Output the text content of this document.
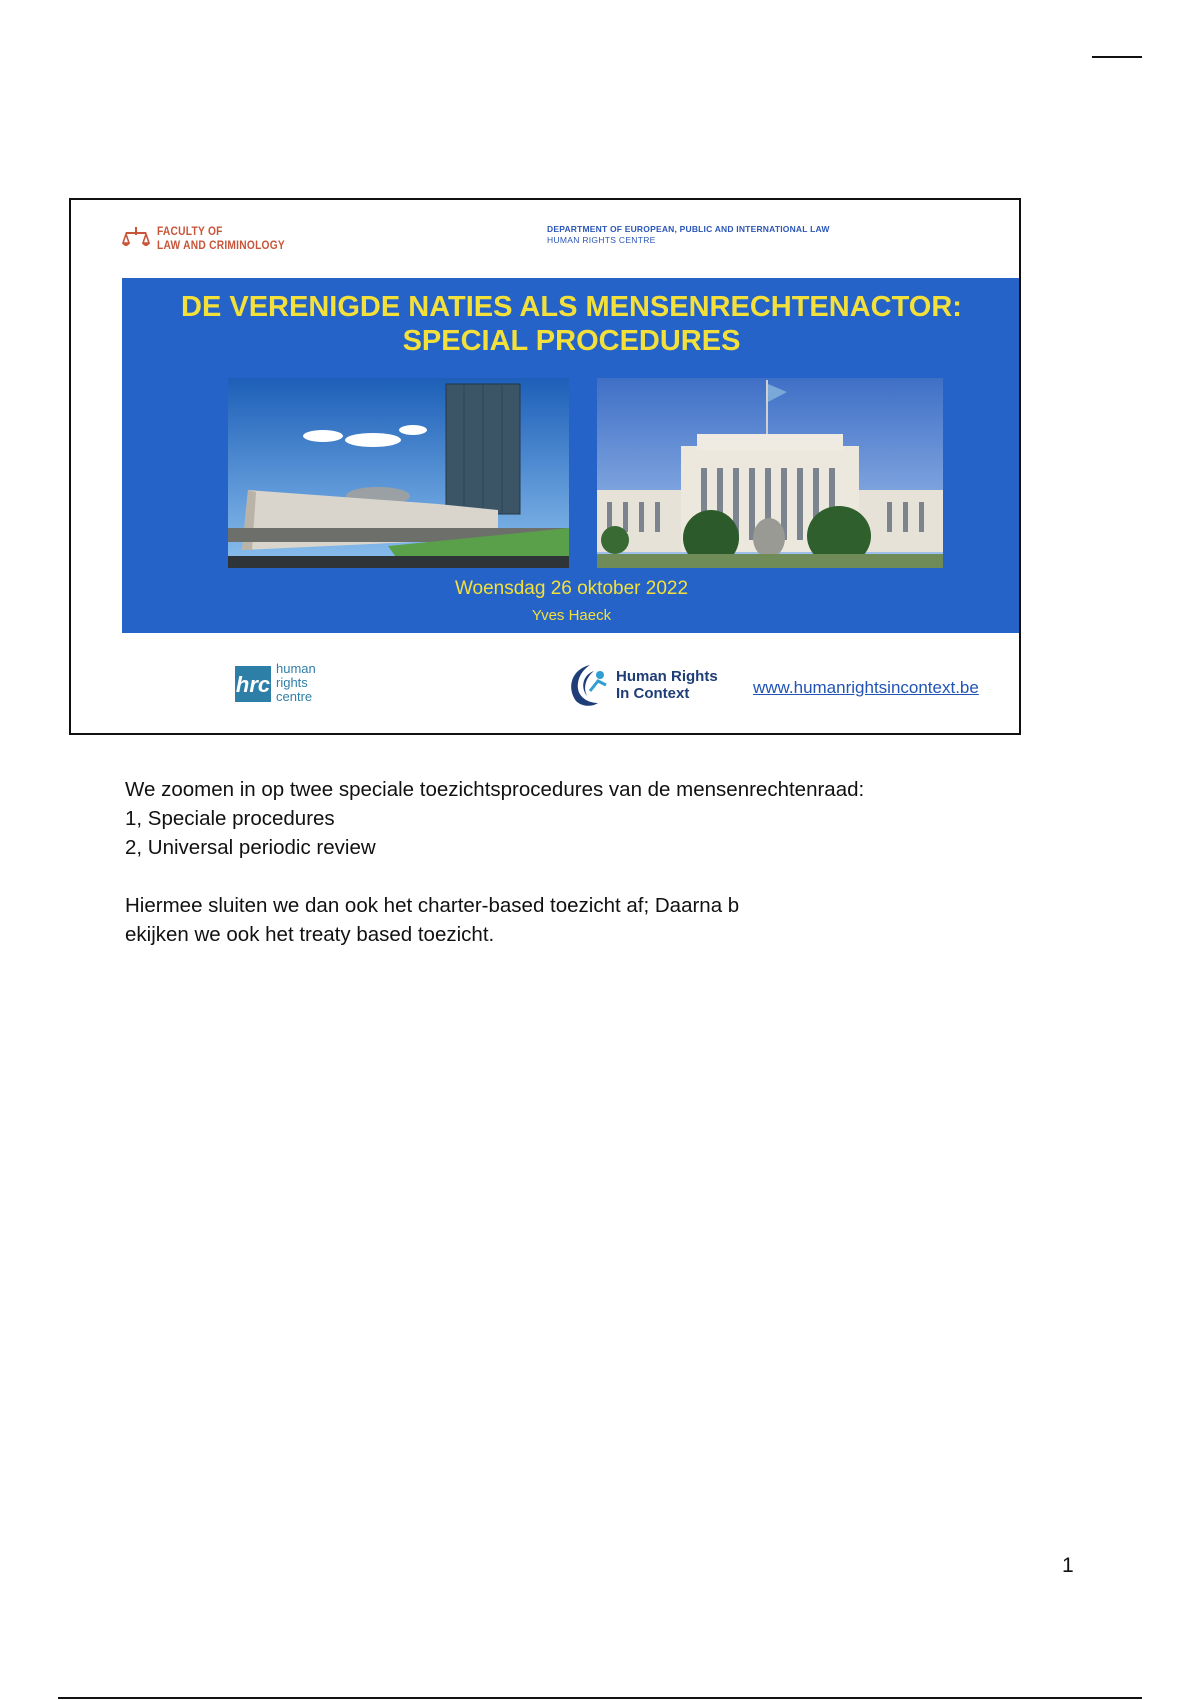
FACULTY OF
LAW AND CRIMINOLOGY
DEPARTMENT OF EUROPEAN, PUBLIC AND INTERNATIONAL LAW
HUMAN RIGHTS CENTRE
DE VERENIGDE NATIES ALS MENSENRECHTENACTOR:
SPECIAL PROCEDURES
Woensdag 26 oktober 2022
Yves Haeck
hrc
human
rights
centre
Human Rights
In Context	www.humanrightsincontext.be

We zoomen in op twee speciale toezichtsprocedures van de mensenrechtenraad:

1, Speciale procedures

2, Universal periodic review

Hiermee sluiten we dan ook het charter-based toezicht af; Daarna b

ekijken we ook het treaty based toezicht.

1
